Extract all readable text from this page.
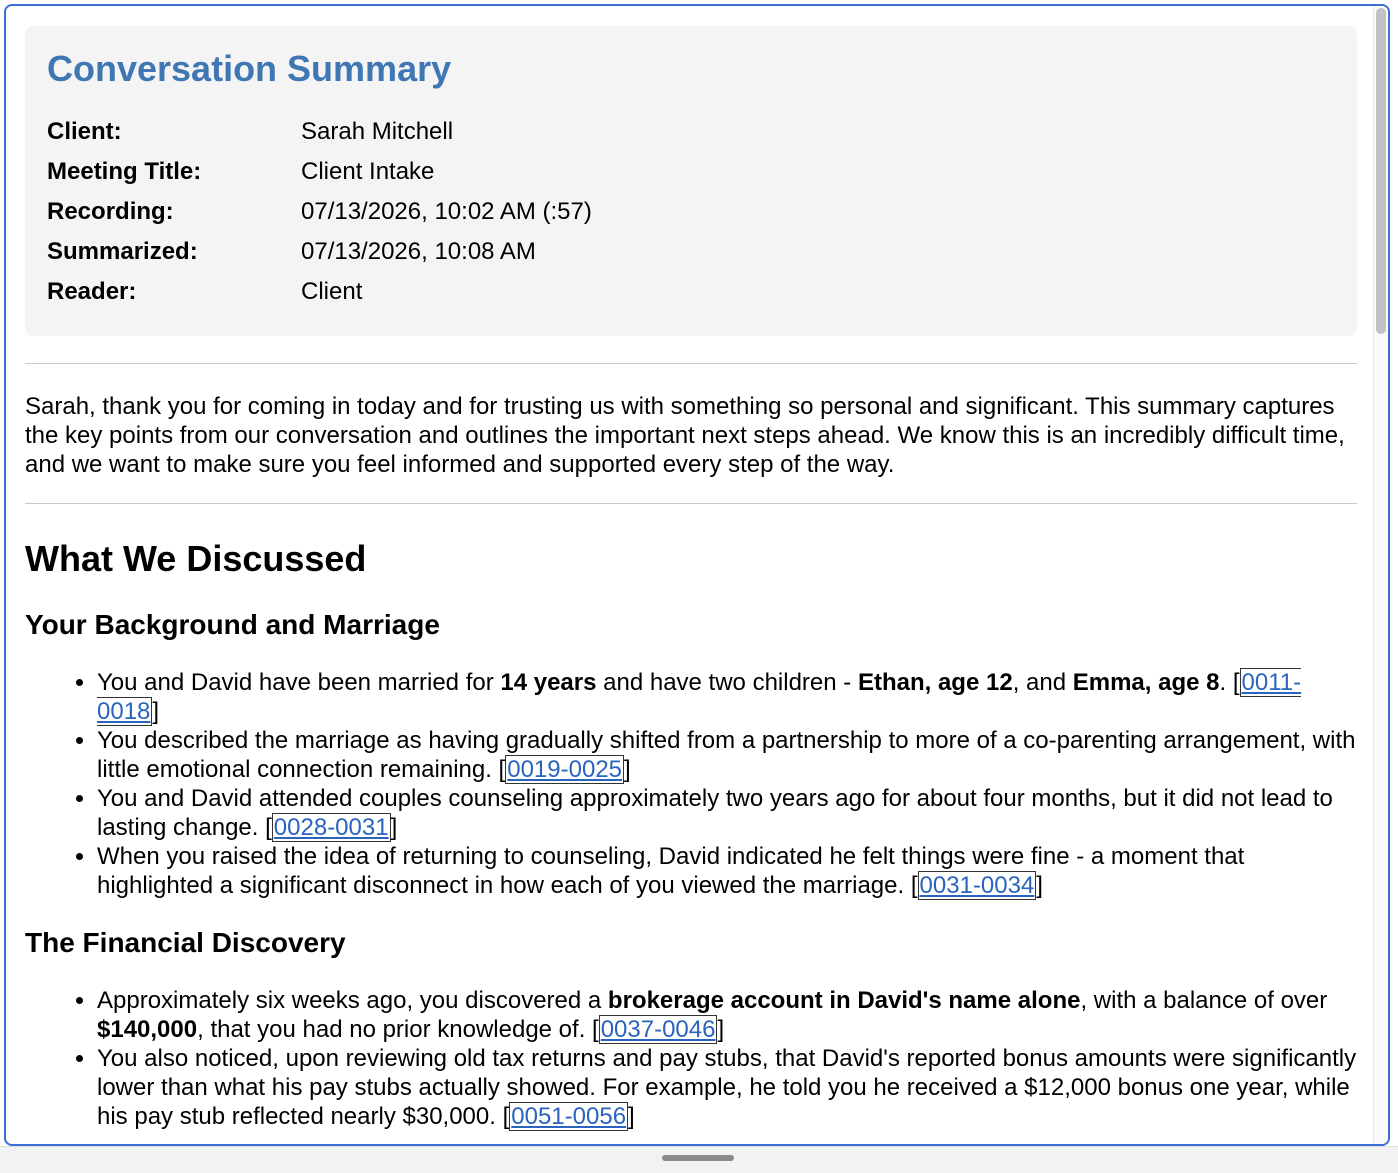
Conversation Summary
Client:	Sarah Mitchell
Meeting Title:	Client Intake
Recording:	07/13/2026, 10:02 AM (:57)
Summarized:	07/13/2026, 10:08 AM
Reader:	Client

Sarah, thank you for coming in today and for trusting us with something so personal and significant. This summary captures the key points from our conversation and outlines the important next steps ahead. We know this is an incredibly difficult time, and we want to make sure you feel informed and supported every step of the way.

What We Discussed
Your Background and Marriage
• You and David have been married for 14 years and have two children - Ethan, age 12, and Emma, age 8. [0011-0018]
• You described the marriage as having gradually shifted from a partnership to more of a co-parenting arrangement, with little emotional connection remaining. [0019-0025]
• You and David attended couples counseling approximately two years ago for about four months, but it did not lead to lasting change. [0028-0031]
• When you raised the idea of returning to counseling, David indicated he felt things were fine - a moment that highlighted a significant disconnect in how each of you viewed the marriage. [0031-0034]
The Financial Discovery
• Approximately six weeks ago, you discovered a brokerage account in David's name alone, with a balance of over $140,000, that you had no prior knowledge of. [0037-0046]
• You also noticed, upon reviewing old tax returns and pay stubs, that David's reported bonus amounts were significantly lower than what his pay stubs actually showed. For example, he told you he received a $12,000 bonus one year, while his pay stub reflected nearly $30,000. [0051-0056]
